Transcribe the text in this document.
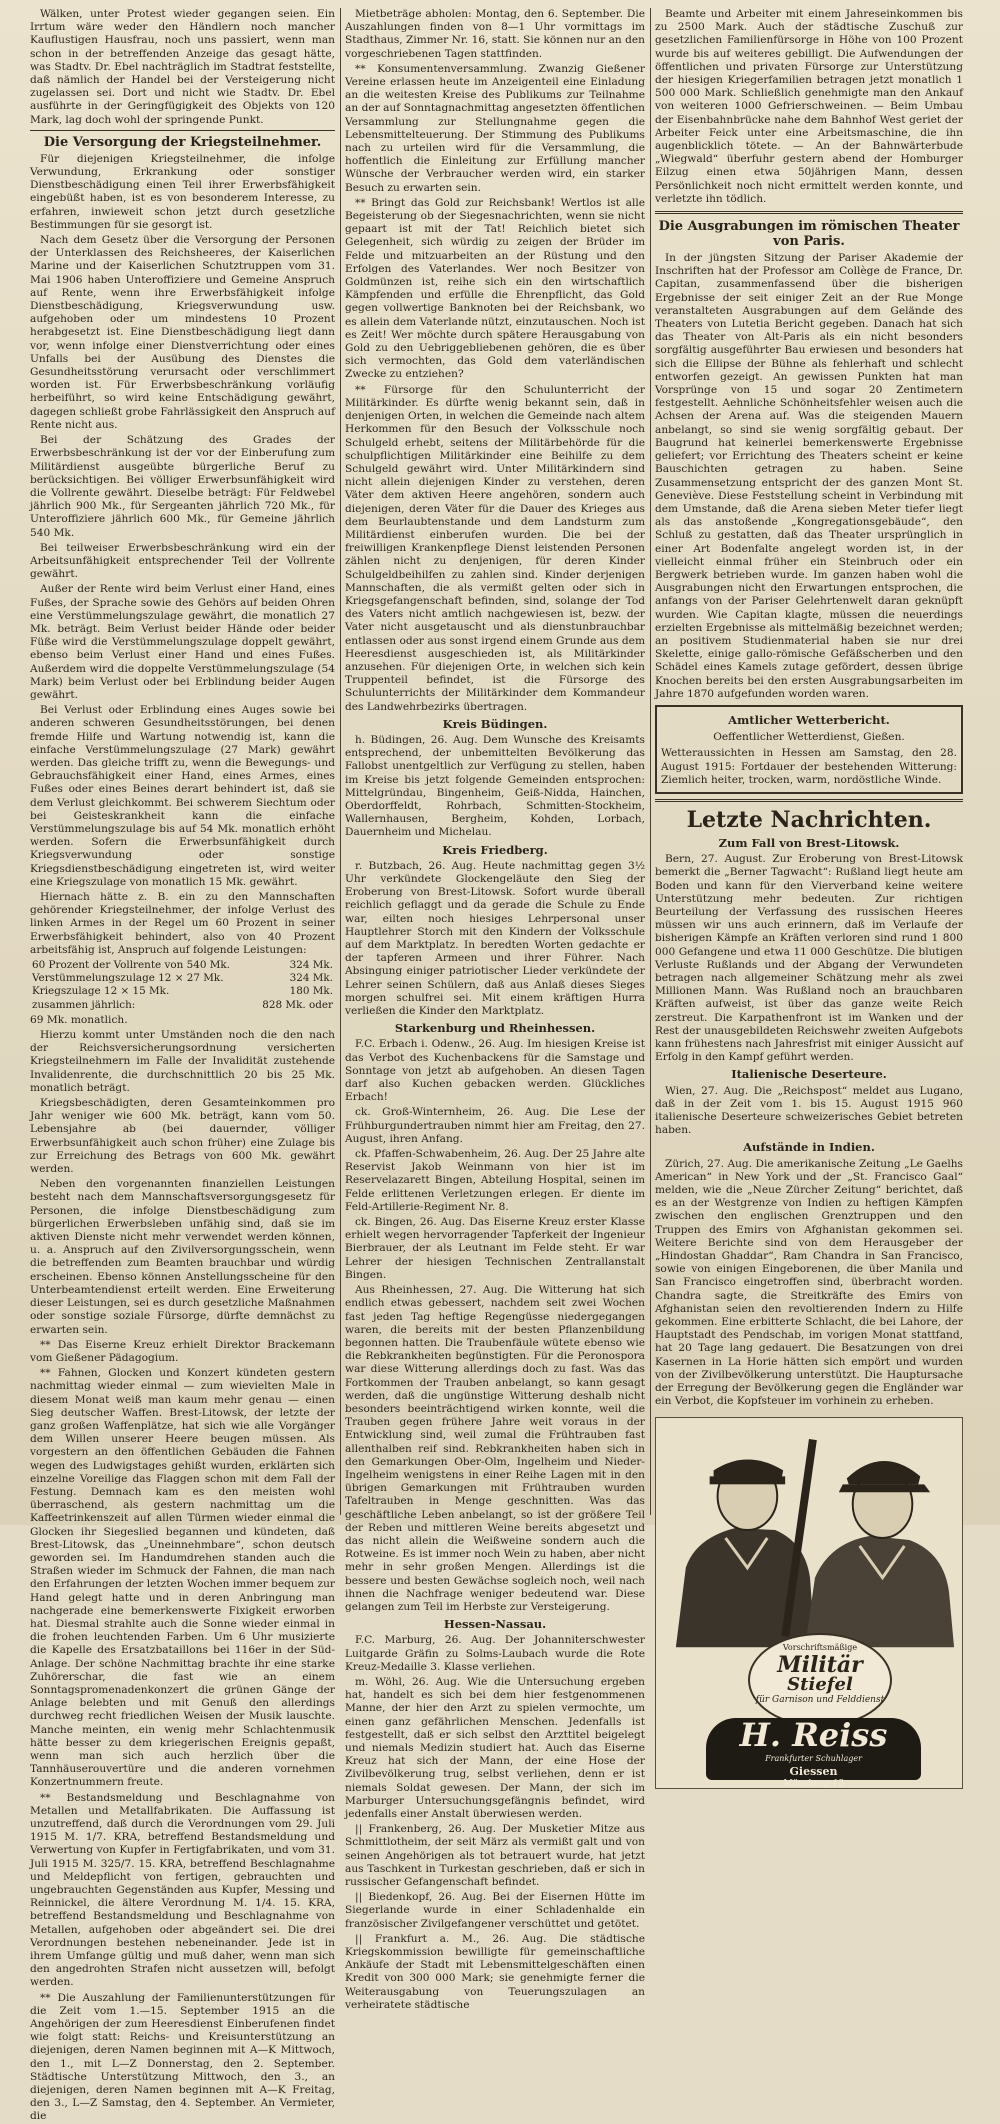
Wälken, unter Protest wieder gegangen seien. Ein Irrtum wäre weder den Händlern noch mancher Kauflustigen Hausfrau, noch uns passiert, wenn man schon in der betreffenden Anzeige das gesagt hätte, was Stadtv. Dr. Ebel nachträglich im Stadtrat feststellte, daß nämlich der Handel bei der Versteigerung nicht zugelassen sei. Dort und nicht wie Stadtv. Dr. Ebel ausführte in der Geringfügigkeit des Objekts von 120 Mark, lag doch wohl der springende Punkt.

Die Versorgung der Kriegsteilnehmer.

Für diejenigen Kriegsteilnehmer, die infolge Verwundung, Erkrankung oder sonstiger Dienstbeschädigung einen Teil ihrer Erwerbsfähigkeit eingebüßt haben, ist es von besonderem Interesse, zu erfahren, inwieweit schon jetzt durch gesetzliche Bestimmungen für sie gesorgt ist.

Nach dem Gesetz über die Versorgung der Personen der Unterklassen des Reichsheeres, der Kaiserlichen Marine und der Kaiserlichen Schutztruppen vom 31. Mai 1906 haben Unteroffiziere und Gemeine Anspruch auf Rente, wenn ihre Erwerbsfähigkeit infolge Dienstbeschädigung, Kriegsverwundung usw. aufgehoben oder um mindestens 10 Prozent herabgesetzt ist. Eine Dienstbeschädigung liegt dann vor, wenn infolge einer Dienstverrichtung oder eines Unfalls bei der Ausübung des Dienstes die Gesundheitsstörung verursacht oder verschlimmert worden ist. Für Erwerbsbeschränkung vorläufig herbeiführt, so wird keine Entschädigung gewährt, dagegen schließt grobe Fahrlässigkeit den Anspruch auf Rente nicht aus.

Bei der Schätzung des Grades der Erwerbsbeschränkung ist der vor der Einberufung zum Militärdienst ausgeübte bürgerliche Beruf zu berücksichtigen. Bei völliger Erwerbsunfähigkeit wird die Vollrente gewährt. Dieselbe beträgt: Für Feldwebel jährlich 900 Mk., für Sergeanten jährlich 720 Mk., für Unteroffiziere jährlich 600 Mk., für Gemeine jährlich 540 Mk.

Bei teilweiser Erwerbsbeschränkung wird ein der Arbeitsunfähigkeit entsprechender Teil der Vollrente gewährt.

Außer der Rente wird beim Verlust einer Hand, eines Fußes, der Sprache sowie des Gehörs auf beiden Ohren eine Verstümmelungszulage gewährt, die monatlich 27 Mk. beträgt. Beim Verlust beider Hände oder beider Füße wird die Verstümmelungszulage doppelt gewährt, ebenso beim Verlust einer Hand und eines Fußes. Außerdem wird die doppelte Verstümmelungszulage (54 Mark) beim Verlust oder bei Erblindung beider Augen gewährt.

Bei Verlust oder Erblindung eines Auges sowie bei anderen schweren Gesundheitsstörungen, bei denen fremde Hilfe und Wartung notwendig ist, kann die einfache Verstümmelungszulage (27 Mark) gewährt werden. Das gleiche trifft zu, wenn die Bewegungs- und Gebrauchsfähigkeit einer Hand, eines Armes, eines Fußes oder eines Beines derart behindert ist, daß sie dem Verlust gleichkommt. Bei schwerem Siechtum oder bei Geisteskrankheit kann die einfache Verstümmelungszulage bis auf 54 Mk. monatlich erhöht werden. Sofern die Erwerbsunfähigkeit durch Kriegsverwundung oder sonstige Kriegsdienstbeschädigung eingetreten ist, wird weiter eine Kriegszulage von monatlich 15 Mk. gewährt.

Hiernach hätte z. B. ein zu den Mannschaften gehörender Kriegsteilnehmer, der infolge Verlust des linken Armes in der Regel um 60 Prozent in seiner Erwerbsfähigkeit behindert, also von 40 Prozent arbeitsfähig ist, Anspruch auf folgende Leistungen:

60 Prozent der Vollrente von 540 Mk.	324 Mk.
Verstümmelungszulage 12 × 27 Mk.	324 Mk.
Kriegszulage 12 × 15 Mk.	180 Mk.
zusammen jährlich:	828 Mk. oder

69 Mk. monatlich.

Hierzu kommt unter Umständen noch die den nach der Reichsversicherungsordnung versicherten Kriegsteilnehmern im Falle der Invalidität zustehende Invalidenrente, die durchschnittlich 20 bis 25 Mk. monatlich beträgt.

Kriegsbeschädigten, deren Gesamteinkommen pro Jahr weniger wie 600 Mk. beträgt, kann vom 50. Lebensjahre ab (bei dauernder, völliger Erwerbsunfähigkeit auch schon früher) eine Zulage bis zur Erreichung des Betrags von 600 Mk. gewährt werden.

Neben den vorgenannten finanziellen Leistungen besteht nach dem Mannschaftsversorgungsgesetz für Personen, die infolge Dienstbeschädigung zum bürgerlichen Erwerbsleben unfähig sind, daß sie im aktiven Dienste nicht mehr verwendet werden können, u. a. Anspruch auf den Zivilversorgungsschein, wenn die betreffenden zum Beamten brauchbar und würdig erscheinen. Ebenso können Anstellungsscheine für den Unterbeamtendienst erteilt werden. Eine Erweiterung dieser Leistungen, sei es durch gesetzliche Maßnahmen oder sonstige soziale Fürsorge, dürfte demnächst zu erwarten sein.

** Das Eiserne Kreuz erhielt Direktor Brackemann vom Gießener Pädagogium.

** Fahnen, Glocken und Konzert kündeten gestern nachmittag wieder einmal — zum wievielten Male in diesem Monat weiß man kaum mehr genau — einen Sieg deutscher Waffen. Brest-Litowsk, der letzte der ganz großen Waffenplätze, hat sich wie alle Vorgänger dem Willen unserer Heere beugen müssen. Als vorgestern an den öffentlichen Gebäuden die Fahnen wegen des Ludwigstages gehißt wurden, erklärten sich einzelne Voreilige das Flaggen schon mit dem Fall der Festung. Demnach kam es den meisten wohl überraschend, als gestern nachmittag um die Kaffeetrinkenszeit auf allen Türmen wieder einmal die Glocken ihr Siegeslied begannen und kündeten, daß Brest-Litowsk, das „Uneinnehmbare“, schon deutsch geworden sei. Im Handumdrehen standen auch die Straßen wieder im Schmuck der Fahnen, die man nach den Erfahrungen der letzten Wochen immer bequem zur Hand gelegt hatte und in deren Anbringung man nachgerade eine bemerkenswerte Fixigkeit erworben hat. Diesmal strahlte auch die Sonne wieder einmal in die frohen leuchtenden Farben. Um 6 Uhr musizierte die Kapelle des Ersatzbataillons bei 116er in der Süd-Anlage. Der schöne Nachmittag brachte ihr eine starke Zuhörerschar, die fast wie an einem Sonntagspromenadenkonzert die grünen Gänge der Anlage belebten und mit Genuß den allerdings durchweg recht friedlichen Weisen der Musik lauschte. Manche meinten, ein wenig mehr Schlachtenmusik hätte besser zu dem kriegerischen Ereignis gepaßt, wenn man sich auch herzlich über die Tannhäuserouvertüre und die anderen vornehmen Konzertnummern freute.

** Bestandsmeldung und Beschlagnahme von Metallen und Metallfabrikaten. Die Auffassung ist unzutreffend, daß durch die Verordnungen vom 29. Juli 1915 M. 1/7. KRA, betreffend Bestandsmeldung und Verwertung von Kupfer in Fertigfabrikaten, und vom 31. Juli 1915 M. 325/7. 15. KRA, betreffend Beschlagnahme und Meldepflicht von fertigen, gebrauchten und ungebrauchten Gegenständen aus Kupfer, Messing und Reinnickel, die ältere Verordnung M. 1/4. 15. KRA, betreffend Bestandsmeldung und Beschlagnahme von Metallen, aufgehoben oder abgeändert sei. Die drei Verordnungen bestehen nebeneinander. Jede ist in ihrem Umfange gültig und muß daher, wenn man sich den angedrohten Strafen nicht aussetzen will, befolgt werden.

** Die Auszahlung der Familienunterstützungen für die Zeit vom 1.—15. September 1915 an die Angehörigen der zum Heeresdienst Einberufenen findet wie folgt statt: Reichs- und Kreisunterstützung an diejenigen, deren Namen beginnen mit A—K Mittwoch, den 1., mit L—Z Donnerstag, den 2. September. Städtische Unterstützung Mittwoch, den 3., an diejenigen, deren Namen beginnen mit A—K Freitag, den 3., L—Z Samstag, den 4. September. An Vermieter, die

Mietbeträge abholen: Montag, den 6. September. Die Auszahlungen finden von 8—1 Uhr vormittags im Stadthaus, Zimmer Nr. 16, statt. Sie können nur an den vorgeschriebenen Tagen stattfinden.

** Konsumentenversammlung. Zwanzig Gießener Vereine erlassen heute im Anzeigenteil eine Einladung an die weitesten Kreise des Publikums zur Teilnahme an der auf Sonntagnachmittag angesetzten öffentlichen Versammlung zur Stellungnahme gegen die Lebensmittelteuerung. Der Stimmung des Publikums nach zu urteilen wird für die Versammlung, die hoffentlich die Einleitung zur Erfüllung mancher Wünsche der Verbraucher werden wird, ein starker Besuch zu erwarten sein.

** Bringt das Gold zur Reichsbank! Wertlos ist alle Begeisterung ob der Siegesnachrichten, wenn sie nicht gepaart ist mit der Tat! Reichlich bietet sich Gelegenheit, sich würdig zu zeigen der Brüder im Felde und mitzuarbeiten an der Rüstung und den Erfolgen des Vaterlandes. Wer noch Besitzer von Goldmünzen ist, reihe sich ein den wirtschaftlich Kämpfenden und erfülle die Ehrenpflicht, das Gold gegen vollwertige Banknoten bei der Reichsbank, wo es allein dem Vaterlande nützt, einzutauschen. Noch ist es Zeit! Wer möchte durch spätere Herausgabung von Gold zu den Uebriggebliebenen gehören, die es über sich vermochten, das Gold dem vaterländischen Zwecke zu entziehen?

** Fürsorge für den Schulunterricht der Militärkinder. Es dürfte wenig bekannt sein, daß in denjenigen Orten, in welchen die Gemeinde nach altem Herkommen für den Besuch der Volksschule noch Schulgeld erhebt, seitens der Militärbehörde für die schulpflichtigen Militärkinder eine Beihilfe zu dem Schulgeld gewährt wird. Unter Militärkindern sind nicht allein diejenigen Kinder zu verstehen, deren Väter dem aktiven Heere angehören, sondern auch diejenigen, deren Väter für die Dauer des Krieges aus dem Beurlaubtenstande und dem Landsturm zum Militärdienst einberufen wurden. Die bei der freiwilligen Krankenpflege Dienst leistenden Personen zählen nicht zu denjenigen, für deren Kinder Schulgeldbeihilfen zu zahlen sind. Kinder derjenigen Mannschaften, die als vermißt gelten oder sich in Kriegsgefangenschaft befinden, sind, solange der Tod des Vaters nicht amtlich nachgewiesen ist, bezw. der Vater nicht ausgetauscht und als dienstunbrauchbar entlassen oder aus sonst irgend einem Grunde aus dem Heeresdienst ausgeschieden ist, als Militärkinder anzusehen. Für diejenigen Orte, in welchen sich kein Truppenteil befindet, ist die Fürsorge des Schulunterrichts der Militärkinder dem Kommandeur des Landwehrbezirks übertragen.

Kreis Büdingen.

h. Büdingen, 26. Aug. Dem Wunsche des Kreisamts entsprechend, der unbemittelten Bevölkerung das Fallobst unentgeltlich zur Verfügung zu stellen, haben im Kreise bis jetzt folgende Gemeinden entsprochen: Mittelgründau, Bingenheim, Geiß-Nidda, Hainchen, Oberdorffeldt, Rohrbach, Schmitten-Stockheim, Wallernhausen, Bergheim, Kohden, Lorbach, Dauernheim und Michelau.

Kreis Friedberg.

r. Butzbach, 26. Aug. Heute nachmittag gegen 3½ Uhr verkündete Glockengeläute den Sieg der Eroberung von Brest-Litowsk. Sofort wurde überall reichlich geflaggt und da gerade die Schule zu Ende war, eilten noch hiesiges Lehrpersonal unser Hauptlehrer Storch mit den Kindern der Volksschule auf dem Marktplatz. In beredten Worten gedachte er der tapferen Armeen und ihrer Führer. Nach Absingung einiger patriotischer Lieder verkündete der Lehrer seinen Schülern, daß aus Anlaß dieses Sieges morgen schulfrei sei. Mit einem kräftigen Hurra verließen die Kinder den Marktplatz.

Starkenburg und Rheinhessen.

F.C. Erbach i. Odenw., 26. Aug. Im hiesigen Kreise ist das Verbot des Kuchenbackens für die Samstage und Sonntage von jetzt ab aufgehoben. An diesen Tagen darf also Kuchen gebacken werden. Glückliches Erbach!

ck. Groß-Winternheim, 26. Aug. Die Lese der Frühburgundertrauben nimmt hier am Freitag, den 27. August, ihren Anfang.

ck. Pfaffen-Schwabenheim, 26. Aug. Der 25 Jahre alte Reservist Jakob Weinmann von hier ist im Reservelazarett Bingen, Abteilung Hospital, seinen im Felde erlittenen Verletzungen erlegen. Er diente im Feld-Artillerie-Regiment Nr. 8.

ck. Bingen, 26. Aug. Das Eiserne Kreuz erster Klasse erhielt wegen hervorragender Tapferkeit der Ingenieur Bierbrauer, der als Leutnant im Felde steht. Er war Lehrer der hiesigen Technischen Zentrallanstalt Bingen.

Aus Rheinhessen, 27. Aug. Die Witterung hat sich endlich etwas gebessert, nachdem seit zwei Wochen fast jeden Tag heftige Regengüsse niedergegangen waren, die bereits mit der besten Pflanzenbildung begonnen hatten. Die Traubenfäule wütete ebenso wie die Rebkrankheiten begünstigten. Für die Peronospora war diese Witterung allerdings doch zu fast. Was das Fortkommen der Trauben anbelangt, so kann gesagt werden, daß die ungünstige Witterung deshalb nicht besonders beeinträchtigend wirken konnte, weil die Trauben gegen frühere Jahre weit voraus in der Entwicklung sind, weil zumal die Frühtrauben fast allenthalben reif sind. Rebkrankheiten haben sich in den Gemarkungen Ober-Olm, Ingelheim und Nieder-Ingelheim wenigstens in einer Reihe Lagen mit in den übrigen Gemarkungen mit Frühtrauben wurden Tafeltrauben in Menge geschnitten. Was das geschäftliche Leben anbelangt, so ist der größere Teil der Reben und mittleren Weine bereits abgesetzt und das nicht allein die Weißweine sondern auch die Rotweine. Es ist immer noch Wein zu haben, aber nicht mehr in sehr großen Mengen. Allerdings ist die bessere und besten Gewächse sogleich noch, weil nach ihnen die Nachfrage weniger bedeutend war. Diese gelangen zum Teil im Herbste zur Versteigerung.

Hessen-Nassau.

F.C. Marburg, 26. Aug. Der Johanniterschwester Luitgarde Gräfin zu Solms-Laubach wurde die Rote Kreuz-Medaille 3. Klasse verliehen.

m. Wöhl, 26. Aug. Wie die Untersuchung ergeben hat, handelt es sich bei dem hier festgenommenen Manne, der hier den Arzt zu spielen vermochte, um einen ganz gefährlichen Menschen. Jedenfalls ist festgestellt, daß er sich selbst den Arzttitel beigelegt und niemals Medizin studiert hat. Auch das Eiserne Kreuz hat sich der Mann, der eine Hose der Zivilbevölkerung trug, selbst verliehen, denn er ist niemals Soldat gewesen. Der Mann, der sich im Marburger Untersuchungsgefängnis befindet, wird jedenfalls einer Anstalt überwiesen werden.

|| Frankenberg, 26. Aug. Der Musketier Mitze aus Schmittlotheim, der seit März als vermißt galt und von seinen Angehörigen als tot betrauert wurde, hat jetzt aus Taschkent in Turkestan geschrieben, daß er sich in russischer Gefangenschaft befindet.

|| Biedenkopf, 26. Aug. Bei der Eisernen Hütte im Siegerlande wurde in einer Schladenhalde ein französischer Zivilgefangener verschüttet und getötet.

|| Frankfurt a. M., 26. Aug. Die städtische Kriegskommission bewilligte für gemeinschaftliche Ankäufe der Stadt mit Lebensmittelgeschäften einen Kredit von 300 000 Mark; sie genehmigte ferner die Weiterausgabung von Teuerungszulagen an verheiratete städtische

Beamte und Arbeiter mit einem Jahreseinkommen bis zu 2500 Mark. Auch der städtische Zuschuß zur gesetzlichen Familienfürsorge in Höhe von 100 Prozent wurde bis auf weiteres gebilligt. Die Aufwendungen der öffentlichen und privaten Fürsorge zur Unterstützung der hiesigen Kriegerfamilien betragen jetzt monatlich 1 500 000 Mark. Schließlich genehmigte man den Ankauf von weiteren 1000 Gefrierschweinen. — Beim Umbau der Eisenbahnbrücke nahe dem Bahnhof West geriet der Arbeiter Feick unter eine Arbeitsmaschine, die ihn augenblicklich tötete. — An der Bahnwärterbude „Wiegwald“ überfuhr gestern abend der Homburger Eilzug einen etwa 50jährigen Mann, dessen Persönlichkeit noch nicht ermittelt werden konnte, und verletzte ihn tödlich.

Die Ausgrabungen im römischen Theater von Paris.

In der jüngsten Sitzung der Pariser Akademie der Inschriften hat der Professor am Collège de France, Dr. Capitan, zusammenfassend über die bisherigen Ergebnisse der seit einiger Zeit an der Rue Monge veranstalteten Ausgrabungen auf dem Gelände des Theaters von Lutetia Bericht gegeben. Danach hat sich das Theater von Alt-Paris als ein nicht besonders sorgfältig ausgeführter Bau erwiesen und besonders hat sich die Ellipse der Bühne als fehlerhaft und schlecht entworfen gezeigt. An gewissen Punkten hat man Vorsprünge von 15 und sogar 20 Zentimetern festgestellt. Aehnliche Schönheitsfehler weisen auch die Achsen der Arena auf. Was die steigenden Mauern anbelangt, so sind sie wenig sorgfältig gebaut. Der Baugrund hat keinerlei bemerkenswerte Ergebnisse geliefert; vor Errichtung des Theaters scheint er keine Bauschichten getragen zu haben. Seine Zusammensetzung entspricht der des ganzen Mont St. Geneviève. Diese Feststellung scheint in Verbindung mit dem Umstande, daß die Arena sieben Meter tiefer liegt als das anstoßende „Kongregationsgebäude“, den Schluß zu gestatten, daß das Theater ursprünglich in einer Art Bodenfalte angelegt worden ist, in der vielleicht einmal früher ein Steinbruch oder ein Bergwerk betrieben wurde. Im ganzen haben wohl die Ausgrabungen nicht den Erwartungen entsprochen, die anfangs von der Pariser Gelehrtenwelt daran geknüpft wurden. Wie Capitan klagte, müssen die neuerdings erzielten Ergebnisse als mittelmäßig bezeichnet werden; an positivem Studienmaterial haben sie nur drei Skelette, einige gallo-römische Gefäßscherben und den Schädel eines Kamels zutage gefördert, dessen übrige Knochen bereits bei den ersten Ausgrabungsarbeiten im Jahre 1870 aufgefunden worden waren.

Amtlicher Wetterbericht.
Oeffentlicher Wetterdienst, Gießen.

Wetteraussichten in Hessen am Samstag, den 28. August 1915: Fortdauer der bestehenden Witterung: Ziemlich heiter, trocken, warm, nordöstliche Winde.

Letzte Nachrichten.
Zum Fall von Brest-Litowsk.

Bern, 27. August. Zur Eroberung von Brest-Litowsk bemerkt die „Berner Tagwacht“: Rußland liegt heute am Boden und kann für den Vierverband keine weitere Unterstützung mehr bedeuten. Zur richtigen Beurteilung der Verfassung des russischen Heeres müssen wir uns auch erinnern, daß im Verlaufe der bisherigen Kämpfe an Kräften verloren sind rund 1 800 000 Gefangene und etwa 11 000 Geschütze. Die blutigen Verluste Rußlands und der Abgang der Verwundeten betragen nach allgemeiner Schätzung mehr als zwei Millionen Mann. Was Rußland noch an brauchbaren Kräften aufweist, ist über das ganze weite Reich zerstreut. Die Karpathenfront ist im Wanken und der Rest der unausgebildeten Reichswehr zweiten Aufgebots kann frühestens nach Jahresfrist mit einiger Aussicht auf Erfolg in den Kampf geführt werden.

Italienische Deserteure.

Wien, 27. Aug. Die „Reichspost“ meldet aus Lugano, daß in der Zeit vom 1. bis 15. August 1915 960 italienische Deserteure schweizerisches Gebiet betreten haben.

Aufstände in Indien.

Zürich, 27. Aug. Die amerikanische Zeitung „Le Gaelhs American“ in New York und der „St. Francisco Gaal“ melden, wie die „Neue Zürcher Zeitung“ berichtet, daß es an der Westgrenze von Indien zu heftigen Kämpfen zwischen den englischen Grenztruppen und den Truppen des Emirs von Afghanistan gekommen sei. Weitere Berichte sind von dem Herausgeber der „Hindostan Ghaddar“, Ram Chandra in San Francisco, sowie von einigen Eingeborenen, die über Manila und San Francisco eingetroffen sind, überbracht worden. Chandra sagte, die Streitkräfte des Emirs von Afghanistan seien den revoltierenden Indern zu Hilfe gekommen. Eine erbitterte Schlacht, die bei Lahore, der Hauptstadt des Pendschab, im vorigen Monat stattfand, hat 20 Tage lang gedauert. Die Besatzungen von drei Kasernen in La Horie hätten sich empört und wurden von der Zivilbevölkerung unterstützt. Die Hauptursache der Erregung der Bevölkerung gegen die Engländer war ein Verbot, die Kopfsteuer im vorhinein zu erheben.

Vorschriftsmäßige
Militär
Stiefel
für Garnison und Felddienst
H. Reiss
Frankfurter Schuhlager
Giessen
Mäusburg 12
